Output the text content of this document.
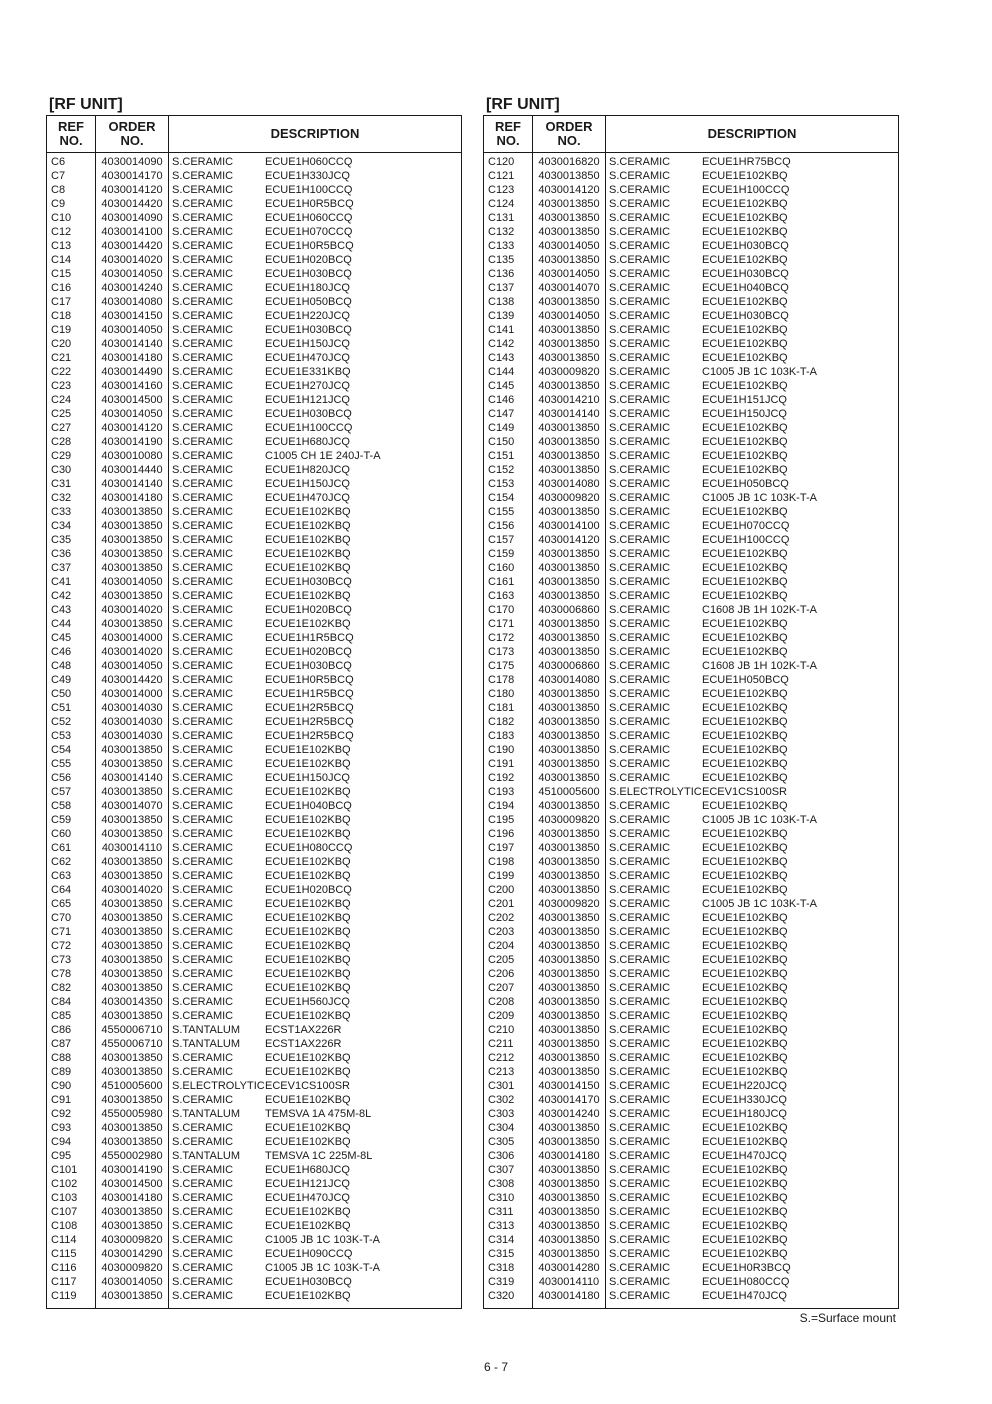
[RF UNIT]
REF
NO.	ORDER
NO.	DESCRIPTION
C6	4030014090	S.CERAMIC ECUE1H060CCQ
C7	4030014170	S.CERAMIC ECUE1H330JCQ
C8	4030014120	S.CERAMIC ECUE1H100CCQ
C9	4030014420	S.CERAMIC ECUE1H0R5BCQ
C10	4030014090	S.CERAMIC ECUE1H060CCQ
C12	4030014100	S.CERAMIC ECUE1H070CCQ
C13	4030014420	S.CERAMIC ECUE1H0R5BCQ
C14	4030014020	S.CERAMIC ECUE1H020BCQ
C15	4030014050	S.CERAMIC ECUE1H030BCQ
C16	4030014240	S.CERAMIC ECUE1H180JCQ
C17	4030014080	S.CERAMIC ECUE1H050BCQ
C18	4030014150	S.CERAMIC ECUE1H220JCQ
C19	4030014050	S.CERAMIC ECUE1H030BCQ
C20	4030014140	S.CERAMIC ECUE1H150JCQ
C21	4030014180	S.CERAMIC ECUE1H470JCQ
C22	4030014490	S.CERAMIC ECUE1E331KBQ
C23	4030014160	S.CERAMIC ECUE1H270JCQ
C24	4030014500	S.CERAMIC ECUE1H121JCQ
C25	4030014050	S.CERAMIC ECUE1H030BCQ
C27	4030014120	S.CERAMIC ECUE1H100CCQ
C28	4030014190	S.CERAMIC ECUE1H680JCQ
C29	4030010080	S.CERAMIC C1005 CH 1E 240J-T-A
C30	4030014440	S.CERAMIC ECUE1H820JCQ
C31	4030014140	S.CERAMIC ECUE1H150JCQ
C32	4030014180	S.CERAMIC ECUE1H470JCQ
C33	4030013850	S.CERAMIC ECUE1E102KBQ
C34	4030013850	S.CERAMIC ECUE1E102KBQ
C35	4030013850	S.CERAMIC ECUE1E102KBQ
C36	4030013850	S.CERAMIC ECUE1E102KBQ
C37	4030013850	S.CERAMIC ECUE1E102KBQ
C41	4030014050	S.CERAMIC ECUE1H030BCQ
C42	4030013850	S.CERAMIC ECUE1E102KBQ
C43	4030014020	S.CERAMIC ECUE1H020BCQ
C44	4030013850	S.CERAMIC ECUE1E102KBQ
C45	4030014000	S.CERAMIC ECUE1H1R5BCQ
C46	4030014020	S.CERAMIC ECUE1H020BCQ
C48	4030014050	S.CERAMIC ECUE1H030BCQ
C49	4030014420	S.CERAMIC ECUE1H0R5BCQ
C50	4030014000	S.CERAMIC ECUE1H1R5BCQ
C51	4030014030	S.CERAMIC ECUE1H2R5BCQ
C52	4030014030	S.CERAMIC ECUE1H2R5BCQ
C53	4030014030	S.CERAMIC ECUE1H2R5BCQ
C54	4030013850	S.CERAMIC ECUE1E102KBQ
C55	4030013850	S.CERAMIC ECUE1E102KBQ
C56	4030014140	S.CERAMIC ECUE1H150JCQ
C57	4030013850	S.CERAMIC ECUE1E102KBQ
C58	4030014070	S.CERAMIC ECUE1H040BCQ
C59	4030013850	S.CERAMIC ECUE1E102KBQ
C60	4030013850	S.CERAMIC ECUE1E102KBQ
C61	4030014110	S.CERAMIC ECUE1H080CCQ
C62	4030013850	S.CERAMIC ECUE1E102KBQ
C63	4030013850	S.CERAMIC ECUE1E102KBQ
C64	4030014020	S.CERAMIC ECUE1H020BCQ
C65	4030013850	S.CERAMIC ECUE1E102KBQ
C70	4030013850	S.CERAMIC ECUE1E102KBQ
C71	4030013850	S.CERAMIC ECUE1E102KBQ
C72	4030013850	S.CERAMIC ECUE1E102KBQ
C73	4030013850	S.CERAMIC ECUE1E102KBQ
C78	4030013850	S.CERAMIC ECUE1E102KBQ
C82	4030013850	S.CERAMIC ECUE1E102KBQ
C84	4030014350	S.CERAMIC ECUE1H560JCQ
C85	4030013850	S.CERAMIC ECUE1E102KBQ
C86	4550006710	S.TANTALUM ECST1AX226R
C87	4550006710	S.TANTALUM ECST1AX226R
C88	4030013850	S.CERAMIC ECUE1E102KBQ
C89	4030013850	S.CERAMIC ECUE1E102KBQ
C90	4510005600	S.ELECTROLYTICECEV1CS100SR
C91	4030013850	S.CERAMIC ECUE1E102KBQ
C92	4550005980	S.TANTALUM TEMSVA 1A 475M-8L
C93	4030013850	S.CERAMIC ECUE1E102KBQ
C94	4030013850	S.CERAMIC ECUE1E102KBQ
C95	4550002980	S.TANTALUM TEMSVA 1C 225M-8L
C101	4030014190	S.CERAMIC ECUE1H680JCQ
C102	4030014500	S.CERAMIC ECUE1H121JCQ
C103	4030014180	S.CERAMIC ECUE1H470JCQ
C107	4030013850	S.CERAMIC ECUE1E102KBQ
C108	4030013850	S.CERAMIC ECUE1E102KBQ
C114	4030009820	S.CERAMIC C1005 JB 1C 103K-T-A
C115	4030014290	S.CERAMIC ECUE1H090CCQ
C116	4030009820	S.CERAMIC C1005 JB 1C 103K-T-A
C117	4030014050	S.CERAMIC ECUE1H030BCQ
C119	4030013850	S.CERAMIC ECUE1E102KBQ
[RF UNIT]
REF
NO.	ORDER
NO.	DESCRIPTION
C120	4030016820	S.CERAMIC ECUE1HR75BCQ
C121	4030013850	S.CERAMIC ECUE1E102KBQ
C123	4030014120	S.CERAMIC ECUE1H100CCQ
C124	4030013850	S.CERAMIC ECUE1E102KBQ
C131	4030013850	S.CERAMIC ECUE1E102KBQ
C132	4030013850	S.CERAMIC ECUE1E102KBQ
C133	4030014050	S.CERAMIC ECUE1H030BCQ
C135	4030013850	S.CERAMIC ECUE1E102KBQ
C136	4030014050	S.CERAMIC ECUE1H030BCQ
C137	4030014070	S.CERAMIC ECUE1H040BCQ
C138	4030013850	S.CERAMIC ECUE1E102KBQ
C139	4030014050	S.CERAMIC ECUE1H030BCQ
C141	4030013850	S.CERAMIC ECUE1E102KBQ
C142	4030013850	S.CERAMIC ECUE1E102KBQ
C143	4030013850	S.CERAMIC ECUE1E102KBQ
C144	4030009820	S.CERAMIC C1005 JB 1C 103K-T-A
C145	4030013850	S.CERAMIC ECUE1E102KBQ
C146	4030014210	S.CERAMIC ECUE1H151JCQ
C147	4030014140	S.CERAMIC ECUE1H150JCQ
C149	4030013850	S.CERAMIC ECUE1E102KBQ
C150	4030013850	S.CERAMIC ECUE1E102KBQ
C151	4030013850	S.CERAMIC ECUE1E102KBQ
C152	4030013850	S.CERAMIC ECUE1E102KBQ
C153	4030014080	S.CERAMIC ECUE1H050BCQ
C154	4030009820	S.CERAMIC C1005 JB 1C 103K-T-A
C155	4030013850	S.CERAMIC ECUE1E102KBQ
C156	4030014100	S.CERAMIC ECUE1H070CCQ
C157	4030014120	S.CERAMIC ECUE1H100CCQ
C159	4030013850	S.CERAMIC ECUE1E102KBQ
C160	4030013850	S.CERAMIC ECUE1E102KBQ
C161	4030013850	S.CERAMIC ECUE1E102KBQ
C163	4030013850	S.CERAMIC ECUE1E102KBQ
C170	4030006860	S.CERAMIC C1608 JB 1H 102K-T-A
C171	4030013850	S.CERAMIC ECUE1E102KBQ
C172	4030013850	S.CERAMIC ECUE1E102KBQ
C173	4030013850	S.CERAMIC ECUE1E102KBQ
C175	4030006860	S.CERAMIC C1608 JB 1H 102K-T-A
C178	4030014080	S.CERAMIC ECUE1H050BCQ
C180	4030013850	S.CERAMIC ECUE1E102KBQ
C181	4030013850	S.CERAMIC ECUE1E102KBQ
C182	4030013850	S.CERAMIC ECUE1E102KBQ
C183	4030013850	S.CERAMIC ECUE1E102KBQ
C190	4030013850	S.CERAMIC ECUE1E102KBQ
C191	4030013850	S.CERAMIC ECUE1E102KBQ
C192	4030013850	S.CERAMIC ECUE1E102KBQ
C193	4510005600	S.ELECTROLYTICECEV1CS100SR
C194	4030013850	S.CERAMIC ECUE1E102KBQ
C195	4030009820	S.CERAMIC C1005 JB 1C 103K-T-A
C196	4030013850	S.CERAMIC ECUE1E102KBQ
C197	4030013850	S.CERAMIC ECUE1E102KBQ
C198	4030013850	S.CERAMIC ECUE1E102KBQ
C199	4030013850	S.CERAMIC ECUE1E102KBQ
C200	4030013850	S.CERAMIC ECUE1E102KBQ
C201	4030009820	S.CERAMIC C1005 JB 1C 103K-T-A
C202	4030013850	S.CERAMIC ECUE1E102KBQ
C203	4030013850	S.CERAMIC ECUE1E102KBQ
C204	4030013850	S.CERAMIC ECUE1E102KBQ
C205	4030013850	S.CERAMIC ECUE1E102KBQ
C206	4030013850	S.CERAMIC ECUE1E102KBQ
C207	4030013850	S.CERAMIC ECUE1E102KBQ
C208	4030013850	S.CERAMIC ECUE1E102KBQ
C209	4030013850	S.CERAMIC ECUE1E102KBQ
C210	4030013850	S.CERAMIC ECUE1E102KBQ
C211	4030013850	S.CERAMIC ECUE1E102KBQ
C212	4030013850	S.CERAMIC ECUE1E102KBQ
C213	4030013850	S.CERAMIC ECUE1E102KBQ
C301	4030014150	S.CERAMIC ECUE1H220JCQ
C302	4030014170	S.CERAMIC ECUE1H330JCQ
C303	4030014240	S.CERAMIC ECUE1H180JCQ
C304	4030013850	S.CERAMIC ECUE1E102KBQ
C305	4030013850	S.CERAMIC ECUE1E102KBQ
C306	4030014180	S.CERAMIC ECUE1H470JCQ
C307	4030013850	S.CERAMIC ECUE1E102KBQ
C308	4030013850	S.CERAMIC ECUE1E102KBQ
C310	4030013850	S.CERAMIC ECUE1E102KBQ
C311	4030013850	S.CERAMIC ECUE1E102KBQ
C313	4030013850	S.CERAMIC ECUE1E102KBQ
C314	4030013850	S.CERAMIC ECUE1E102KBQ
C315	4030013850	S.CERAMIC ECUE1E102KBQ
C318	4030014280	S.CERAMIC ECUE1H0R3BCQ
C319	4030014110	S.CERAMIC ECUE1H080CCQ
C320	4030014180	S.CERAMIC ECUE1H470JCQ
S.=Surface mount
6 - 7
